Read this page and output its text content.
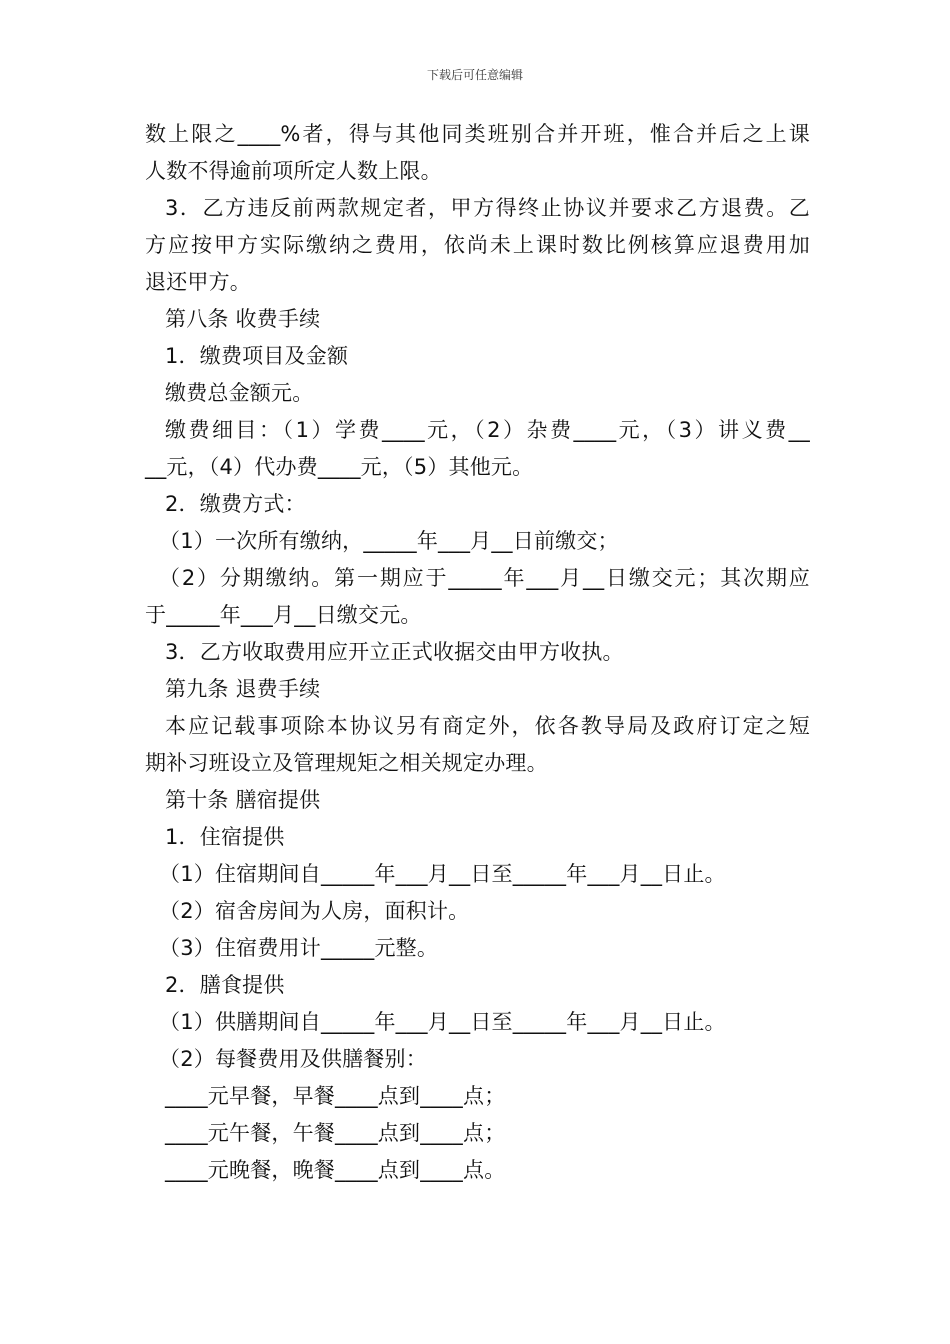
下载后可任意编辑
数上限之____%者，得与其他同类班别合并开班，惟合并后之上课
人数不得逾前项所定人数上限。
3．乙方违反前两款规定者，甲方得终止协议并要求乙方退费。乙
方应按甲方实际缴纳之费用，依尚未上课时数比例核算应退费用加
退还甲方。
第八条 收费手续
1．缴费项目及金额
缴费总金额元。
缴费细目：（1）学费____元，（2）杂费____元，（3）讲义费__
__元，（4）代办费____元，（5）其他元。
2．缴费方式：
（1）一次所有缴纳，_____年___月__日前缴交；
（2）分期缴纳。第一期应于_____年___月__日缴交元；其次期应
于_____年___月__日缴交元。
3．乙方收取费用应开立正式收据交由甲方收执。
第九条 退费手续
本应记载事项除本协议另有商定外，依各教导局及政府订定之短
期补习班设立及管理规矩之相关规定办理。
第十条 膳宿提供
1．住宿提供
（1）住宿期间自_____年___月__日至_____年___月__日止。
（2）宿舍房间为人房，面积计。
（3）住宿费用计_____元整。
2．膳食提供
（1）供膳期间自_____年___月__日至_____年___月__日止。
（2）每餐费用及供膳餐别：
____元早餐，早餐____点到____点；
____元午餐，午餐____点到____点；
____元晚餐，晚餐____点到____点。
